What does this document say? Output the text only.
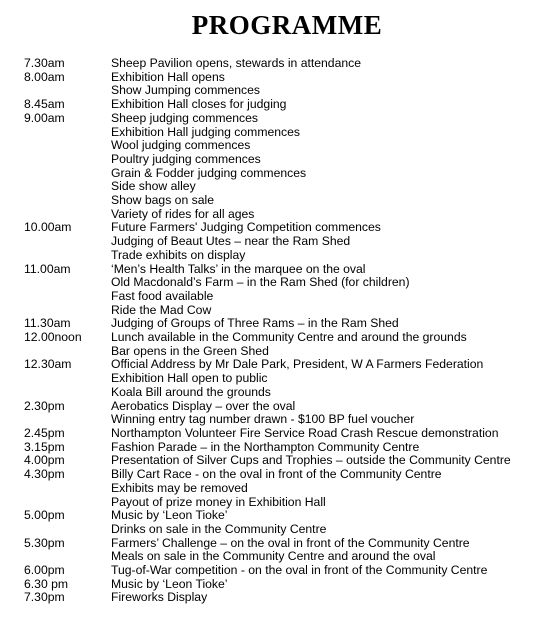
PROGRAMME
7.30am	Sheep Pavilion opens, stewards in attendance
8.00am	Exhibition Hall opens
Show Jumping commences
8.45am	Exhibition Hall closes for judging
9.00am	Sheep judging commences
Exhibition Hall judging commences
Wool judging commences
Poultry judging commences
Grain & Fodder judging commences
Side show alley
Show bags on sale
Variety of rides for all ages
10.00am	Future Farmers' Judging Competition commences
Judging of Beaut Utes – near the Ram Shed
Trade exhibits on display
11.00am	‘Men’s Health Talks’ in the marquee on the oval
Old Macdonald’s Farm – in the Ram Shed (for children)
Fast food available
Ride the Mad Cow
11.30am	Judging of Groups of Three Rams – in the Ram Shed
12.00noon	Lunch available in the Community Centre and around the grounds
Bar opens in the Green Shed
12.30am	Official Address by Mr Dale Park, President, W A Farmers Federation
Exhibition Hall open to public
Koala Bill around the grounds
2.30pm	Aerobatics Display – over the oval
Winning entry tag number drawn - $100 BP fuel voucher
2.45pm	Northampton Volunteer Fire Service Road Crash Rescue demonstration
3.15pm	Fashion Parade – in the Northampton Community Centre
4.00pm	Presentation of Silver Cups and Trophies – outside the Community Centre
4.30pm	Billy Cart Race - on the oval in front of the Community Centre
Exhibits may be removed
Payout of prize money in Exhibition Hall
5.00pm	Music by ‘Leon Tioke’
Drinks on sale in the Community Centre
5.30pm	Farmers’ Challenge – on the oval in front of the Community Centre
Meals on sale in the Community Centre and around the oval
6.00pm	Tug-of-War competition - on the oval in front of the Community Centre
6.30 pm	Music by ‘Leon Tioke’
7.30pm	Fireworks Display
